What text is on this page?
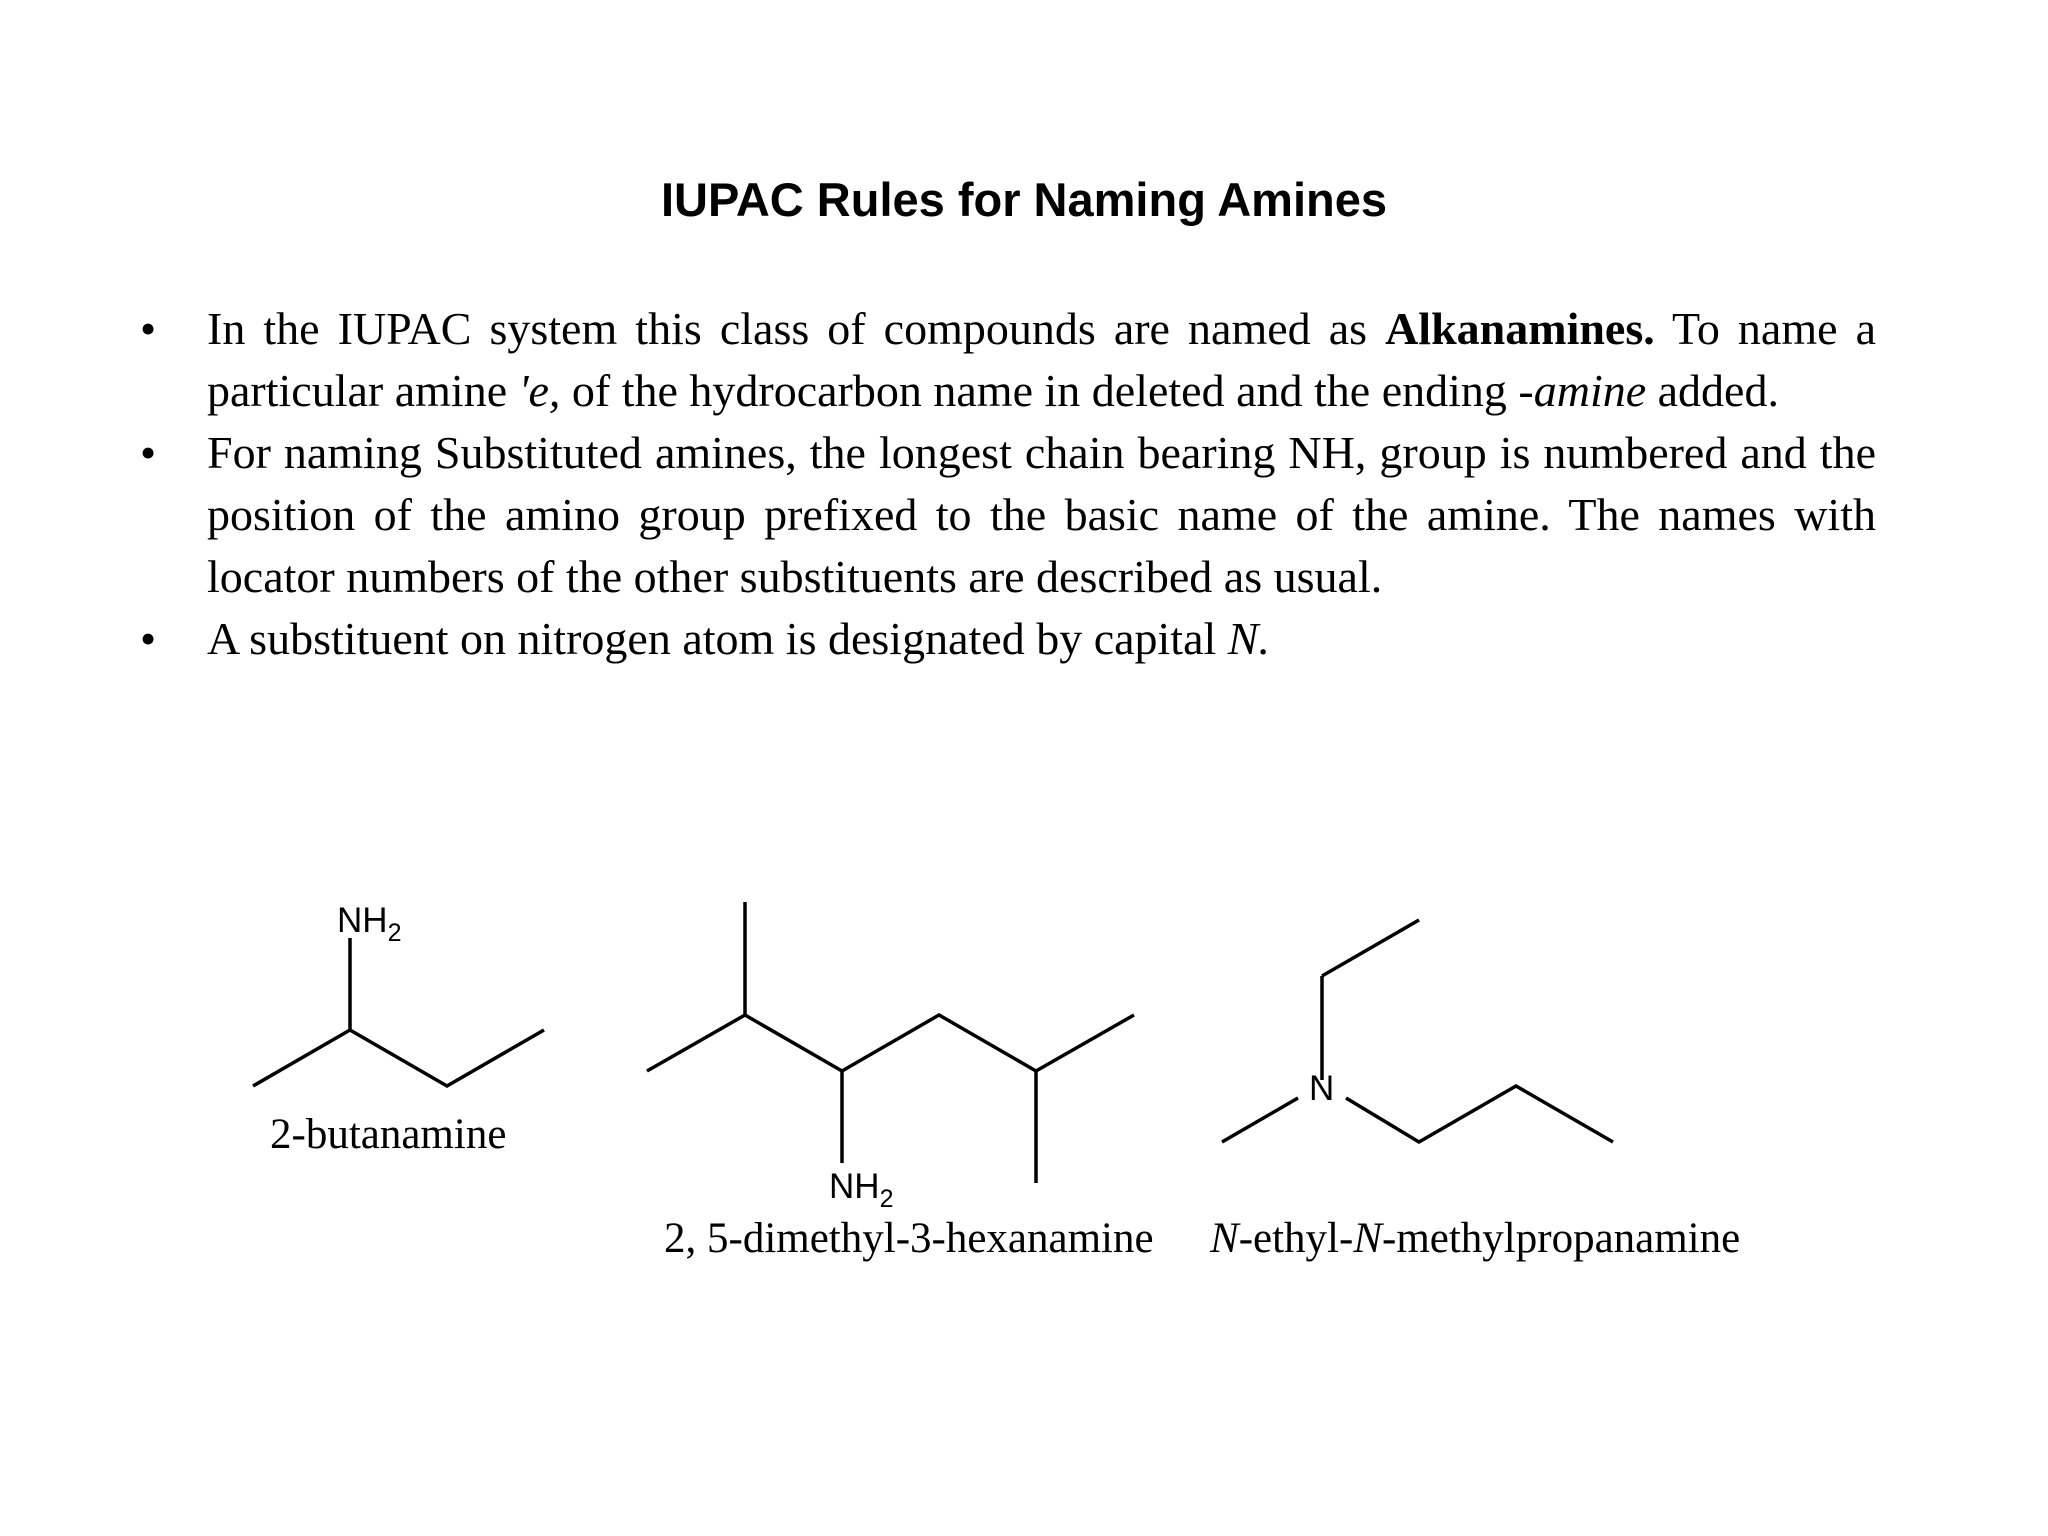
IUPAC Rules for Naming Amines
•	In the IUPAC system this class of compounds are named as Alkanamines. To name a particular amine 'e, of the hydrocarbon name in deleted and the ending -amine added.
•	For naming Substituted amines, the longest chain bearing NH, group is numbered and the position of the amino group prefixed to the basic name of the amine. The names with locator numbers of the other substituents are described as usual.
•	A substituent on nitrogen atom is designated by capital N.
$NH_2$
2-butanamine
$NH_2$
2, 5-dimethyl-3-hexanamine
N
N-ethyl-N-methylpropanamine
